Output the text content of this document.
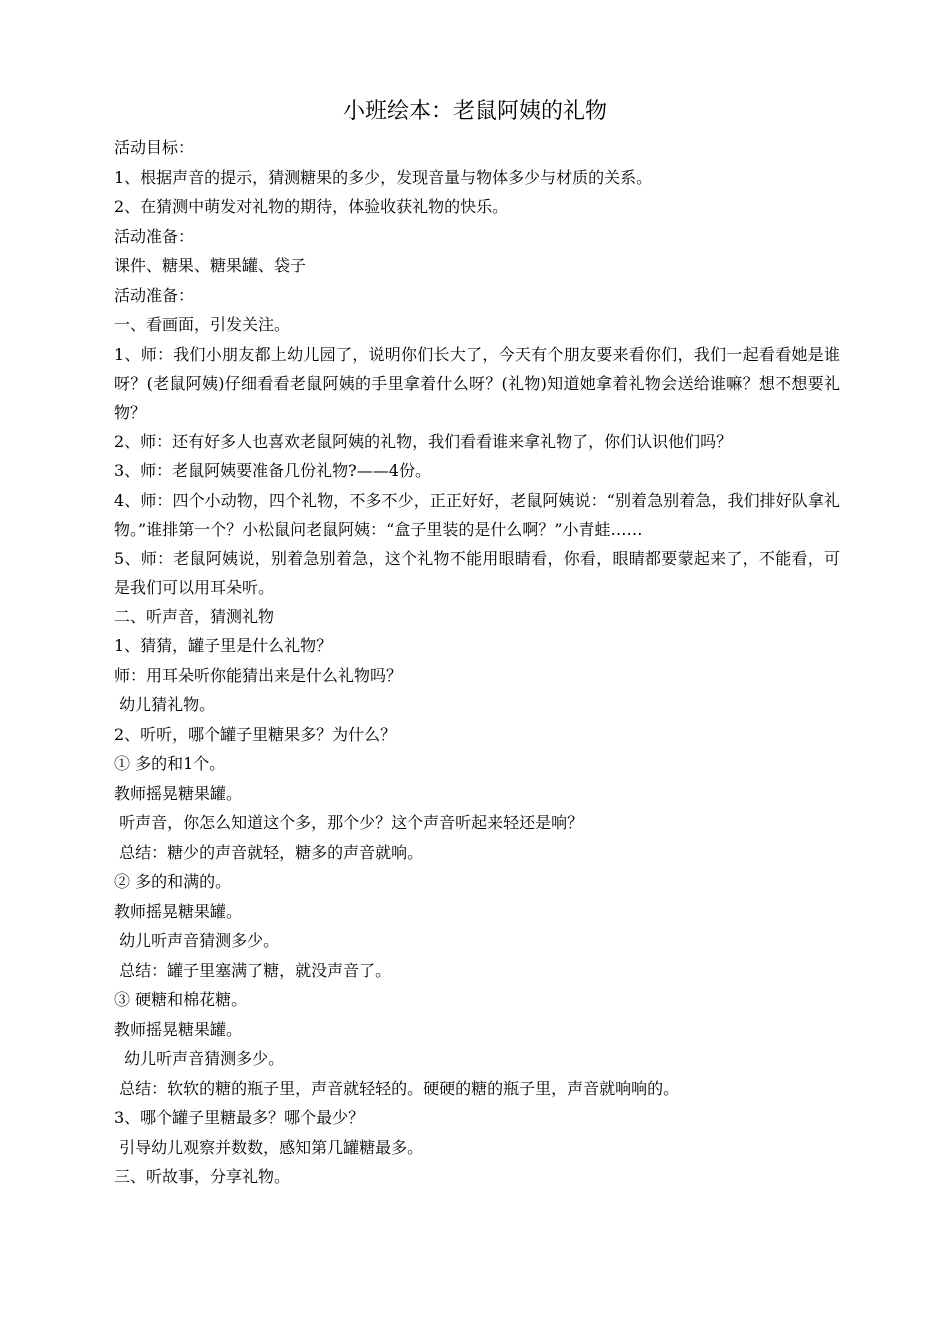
小班绘本：老鼠阿姨的礼物

活动目标：

1、根据声音的提示，猜测糖果的多少，发现音量与物体多少与材质的关系。

2、在猜测中萌发对礼物的期待，体验收获礼物的快乐。

活动准备：

课件、糖果、糖果罐、袋子

活动准备：

一、看画面，引发关注。

1、师：我们小朋友都上幼儿园了，说明你们长大了，今天有个朋友要来看你们，我们一起看看她是谁呀？(老鼠阿姨)仔细看看老鼠阿姨的手里拿着什么呀？(礼物)知道她拿着礼物会送给谁嘛？想不想要礼物？

2、师：还有好多人也喜欢老鼠阿姨的礼物，我们看看谁来拿礼物了，你们认识他们吗？

3、师：老鼠阿姨要准备几份礼物?——4份。

4、师：四个小动物，四个礼物，不多不少，正正好好，老鼠阿姨说：“别着急别着急，我们排好队拿礼物。”谁排第一个？小松鼠问老鼠阿姨：“盒子里装的是什么啊？”小青蛙……

5、师：老鼠阿姨说，别着急别着急，这个礼物不能用眼睛看，你看，眼睛都要蒙起来了，不能看，可是我们可以用耳朵听。

二、听声音，猜测礼物

1、猜猜，罐子里是什么礼物？

师：用耳朵听你能猜出来是什么礼物吗？

幼儿猜礼物。

2、听听，哪个罐子里糖果多？为什么？

① 多的和1个。

教师摇晃糖果罐。

听声音，你怎么知道这个多，那个少？这个声音听起来轻还是响？

总结：糖少的声音就轻，糖多的声音就响。

② 多的和满的。

教师摇晃糖果罐。

幼儿听声音猜测多少。

总结：罐子里塞满了糖，就没声音了。

③ 硬糖和棉花糖。

教师摇晃糖果罐。

幼儿听声音猜测多少。

总结：软软的糖的瓶子里，声音就轻轻的。硬硬的糖的瓶子里，声音就响响的。

3、哪个罐子里糖最多？哪个最少？

引导幼儿观察并数数，感知第几罐糖最多。

三、听故事，分享礼物。
